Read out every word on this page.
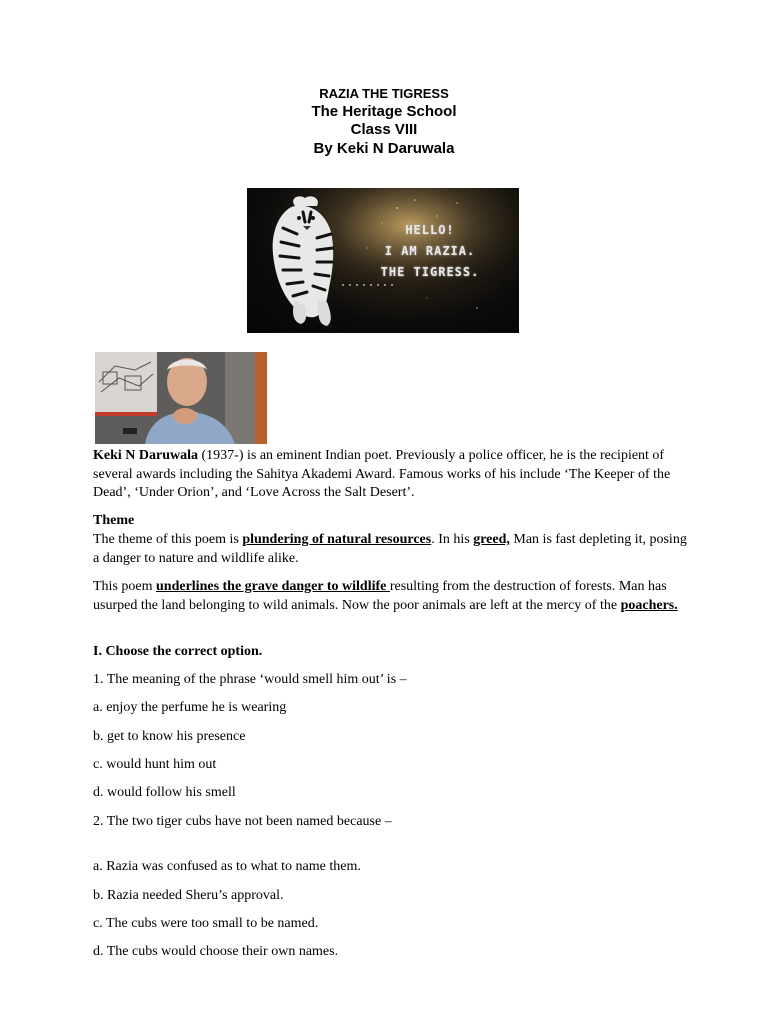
RAZIA THE TIGRESS
The Heritage School
Class VIII
By Keki N Daruwala
HELLO!
I AM RAZIA.
THE TIGRESS.
Keki N Daruwala (1937-) is an eminent Indian poet. Previously a police officer, he is the recipient of several awards including the Sahitya Akademi Award. Famous works of his include ‘The Keeper of the Dead’, ‘Under Orion’, and ‘Love Across the Salt Desert’.
Theme
The theme of this poem is plundering of natural resources. In his greed, Man is fast depleting it, posing a danger to nature and wildlife alike.
This poem underlines the grave danger to wildlife resulting from the destruction of forests. Man has usurped the land belonging to wild animals. Now the poor animals are left at the mercy of the poachers.
I. Choose the correct option.
1. The meaning of the phrase ‘would smell him out’ is –
a. enjoy the perfume he is wearing
b. get to know his presence
c. would hunt him out
d. would follow his smell
2. The two tiger cubs have not been named because –
a. Razia was confused as to what to name them.
b. Razia needed Sheru’s approval.
c. The cubs were too small to be named.
d. The cubs would choose their own names.
